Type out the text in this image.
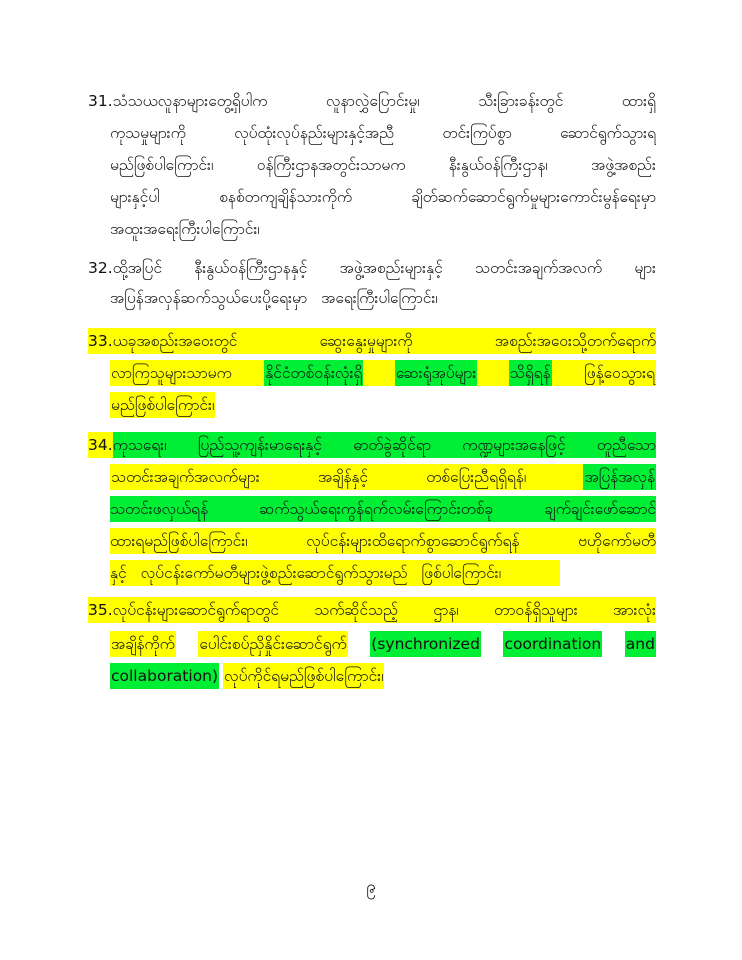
31.သံသယလူနာများတွေ့ရှိပါက	လူနာလွှဲပြောင်းမှု၊	သီးခြားခန်းတွင်	ထားရှိ
ကုသမှုများကို	လုပ်ထုံးလုပ်နည်းများနှင့်အညီ	တင်းကြပ်စွာ	ဆောင်ရွက်သွားရ
မည်ဖြစ်ပါကြောင်း၊	ဝန်ကြီးဌာနအတွင်းသာမက	နီးနွယ်ဝန်ကြီးဌာန၊	အဖွဲ့အစည်း
များနှင့်ပါ	စနစ်တကျချိန်သားကိုက်	ချိတ်ဆက်ဆောင်ရွက်မှုများကောင်းမွန်ရေးမှာ
အထူးအရေးကြီးပါကြောင်း၊
32.ထို့အပြင် နီးနွယ်ဝန်ကြီးဌာနနှင့် အဖွဲ့အစည်းများနှင့် သတင်းအချက်အလက် များ
အပြန်အလှန်ဆက်သွယ်ပေးပို့ရေးမှာ အရေးကြီးပါကြောင်း၊
33.ယခုအစည်းအဝေးတွင်	ဆွေးနွေးမှုများကို	အစည်းအဝေးသို့တက်ရောက်
လာကြသူများသာမက နိုင်ငံတစ်ဝန်းလုံးရှိ ဆေးရုံအုပ်များ သိရှိရန် ဖြန့်ဝေသွားရ
မည်ဖြစ်ပါကြောင်း၊
34.ကုသရေး၊ ပြည်သူ့ကျန်းမာရေးနှင့် ဓာတ်ခွဲဆိုင်ရာ ကဏ္ဍများအနေဖြင့် တူညီသော
သတင်းအချက်အလက်များ	အချိန်နှင့်	တစ်ပြေးညီရရှိရန်၊	အပြန်အလှန်
သတင်းဖလှယ်ရန်	ဆက်သွယ်ရေးကွန်ရက်လမ်းကြောင်းတစ်ခု	ချက်ချင်းဖော်ဆောင်
ထားရမည်ဖြစ်ပါကြောင်း၊	လုပ်ငန်းများထိရောက်စွာဆောင်ရွက်ရန်	ဗဟိုကော်မတီ
နှင့် လုပ်ငန်းကော်မတီများဖွဲ့စည်းဆောင်ရွက်သွားမည် ဖြစ်ပါကြောင်း၊
35.လုပ်ငန်းများဆောင်ရွက်ရာတွင် သက်ဆိုင်သည့် ဌာန၊ တာဝန်ရှိသူများ အားလုံး
အချိန်ကိုက် ပေါင်းစပ်ညှိနှိုင်းဆောင်ရွက် (synchronized coordination and
collaboration) လုပ်ကိုင်ရမည်ဖြစ်ပါကြောင်း၊
၉
